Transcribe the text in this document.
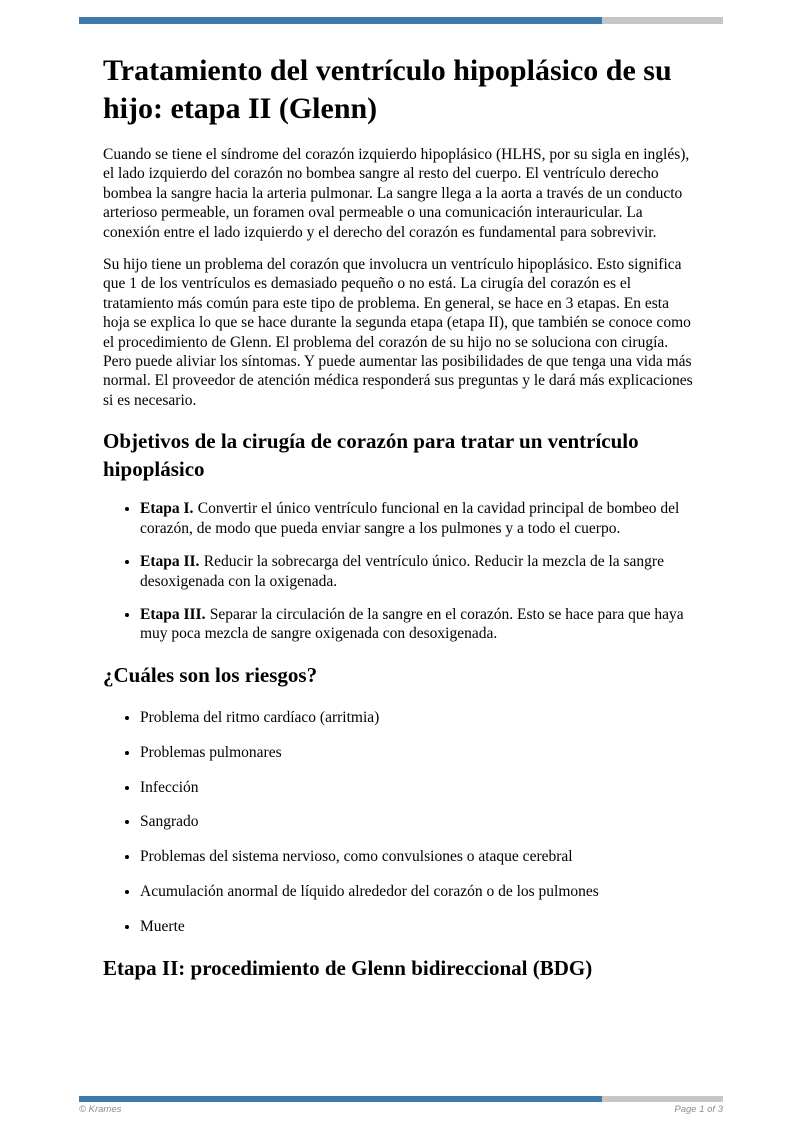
Tratamiento del ventrículo hipoplásico de su hijo: etapa II (Glenn)

Cuando se tiene el síndrome del corazón izquierdo hipoplásico (HLHS, por su sigla en inglés), el lado izquierdo del corazón no bombea sangre al resto del cuerpo. El ventrículo derecho bombea la sangre hacia la arteria pulmonar. La sangre llega a la aorta a través de un conducto arterioso permeable, un foramen oval permeable o una comunicación interauricular. La conexión entre el lado izquierdo y el derecho del corazón es fundamental para sobrevivir.

Su hijo tiene un problema del corazón que involucra un ventrículo hipoplásico. Esto significa que 1 de los ventrículos es demasiado pequeño o no está. La cirugía del corazón es el tratamiento más común para este tipo de problema. En general, se hace en 3 etapas. En esta hoja se explica lo que se hace durante la segunda etapa (etapa II), que también se conoce como el procedimiento de Glenn. El problema del corazón de su hijo no se soluciona con cirugía. Pero puede aliviar los síntomas. Y puede aumentar las posibilidades de que tenga una vida más normal. El proveedor de atención médica responderá sus preguntas y le dará más explicaciones si es necesario.

Objetivos de la cirugía de corazón para tratar un ventrículo hipoplásico
• Etapa I. Convertir el único ventrículo funcional en la cavidad principal de bombeo del corazón, de modo que pueda enviar sangre a los pulmones y a todo el cuerpo.
• Etapa II. Reducir la sobrecarga del ventrículo único. Reducir la mezcla de la sangre desoxigenada con la oxigenada.
• Etapa III. Separar la circulación de la sangre en el corazón. Esto se hace para que haya muy poca mezcla de sangre oxigenada con desoxigenada.
¿Cuáles son los riesgos?
• Problema del ritmo cardíaco (arritmia)
• Problemas pulmonares
• Infección
• Sangrado
• Problemas del sistema nervioso, como convulsiones o ataque cerebral
• Acumulación anormal de líquido alrededor del corazón o de los pulmones
• Muerte
Etapa II: procedimiento de Glenn bidireccional (BDG)
© Krames	Page 1 of 3
